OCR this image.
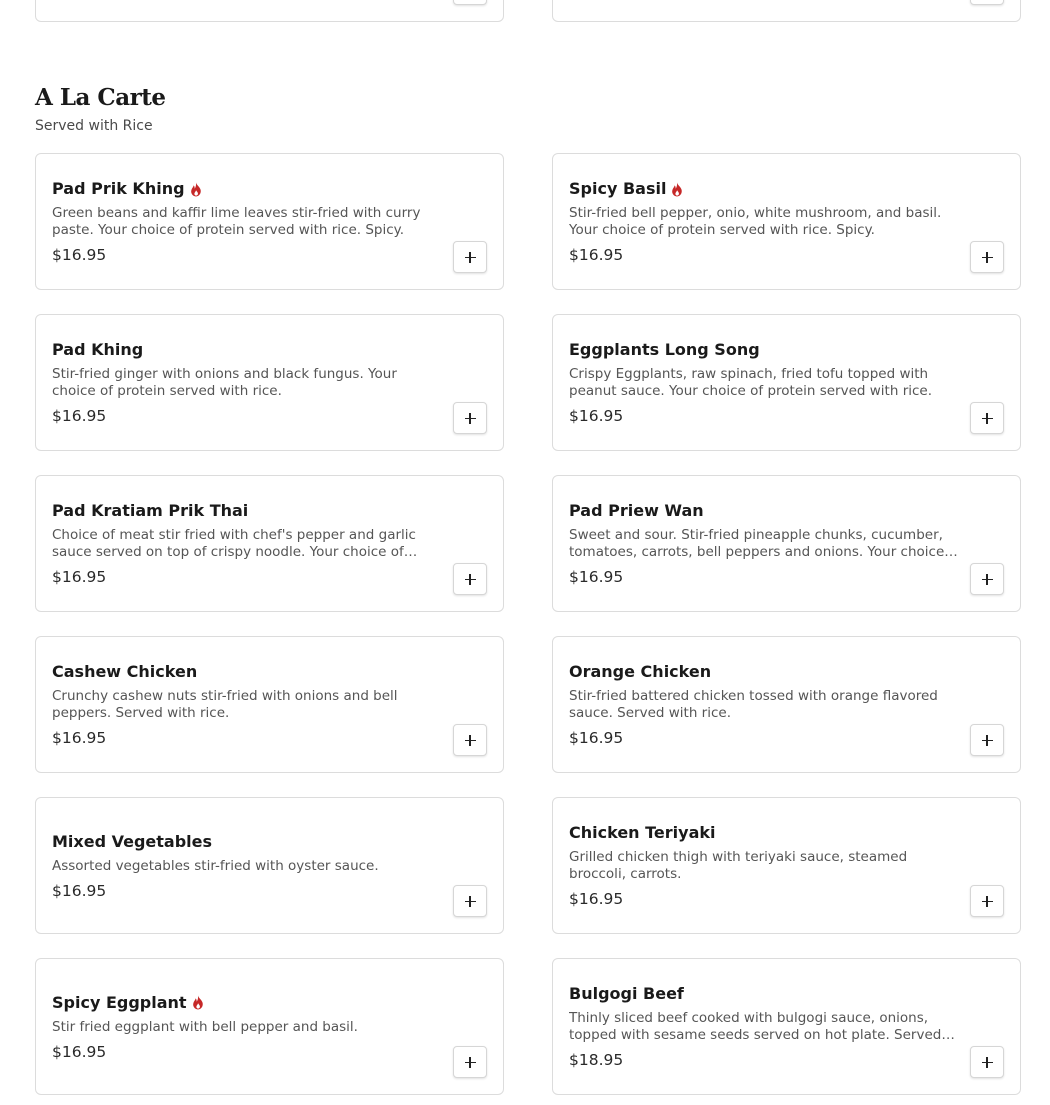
A La Carte
Served with Rice
Pad Prik Khing
Green beans and kaffir lime leaves stir-fried with curry paste. Your choice of protein served with rice. Spicy.
$16.95
Spicy Basil
Stir-fried bell pepper, onio, white mushroom, and basil. Your choice of protein served with rice. Spicy.
$16.95
Pad Khing
Stir-fried ginger with onions and black fungus. Your choice of protein served with rice.
$16.95
Eggplants Long Song
Crispy Eggplants, raw spinach, fried tofu topped with peanut sauce. Your choice of protein served with rice.
$16.95
Pad Kratiam Prik Thai
Choice of meat stir fried with chef's pepper and garlic sauce served on top of crispy noodle. Your choice of
$16.95
Pad Priew Wan
Sweet and sour. Stir-fried pineapple chunks, cucumber, tomatoes, carrots, bell peppers and onions. Your choice
$16.95
Cashew Chicken
Crunchy cashew nuts stir-fried with onions and bell peppers. Served with rice.
$16.95
Orange Chicken
Stir-fried battered chicken tossed with orange flavored sauce. Served with rice.
$16.95
Mixed Vegetables
Assorted vegetables stir-fried with oyster sauce.
$16.95
Chicken Teriyaki
Grilled chicken thigh with teriyaki sauce, steamed broccoli, carrots.
$16.95
Spicy Eggplant
Stir fried eggplant with bell pepper and basil.
$16.95
Bulgogi Beef
Thinly sliced beef cooked with bulgogi sauce, onions, topped with sesame seeds served on hot plate. Served
$18.95
